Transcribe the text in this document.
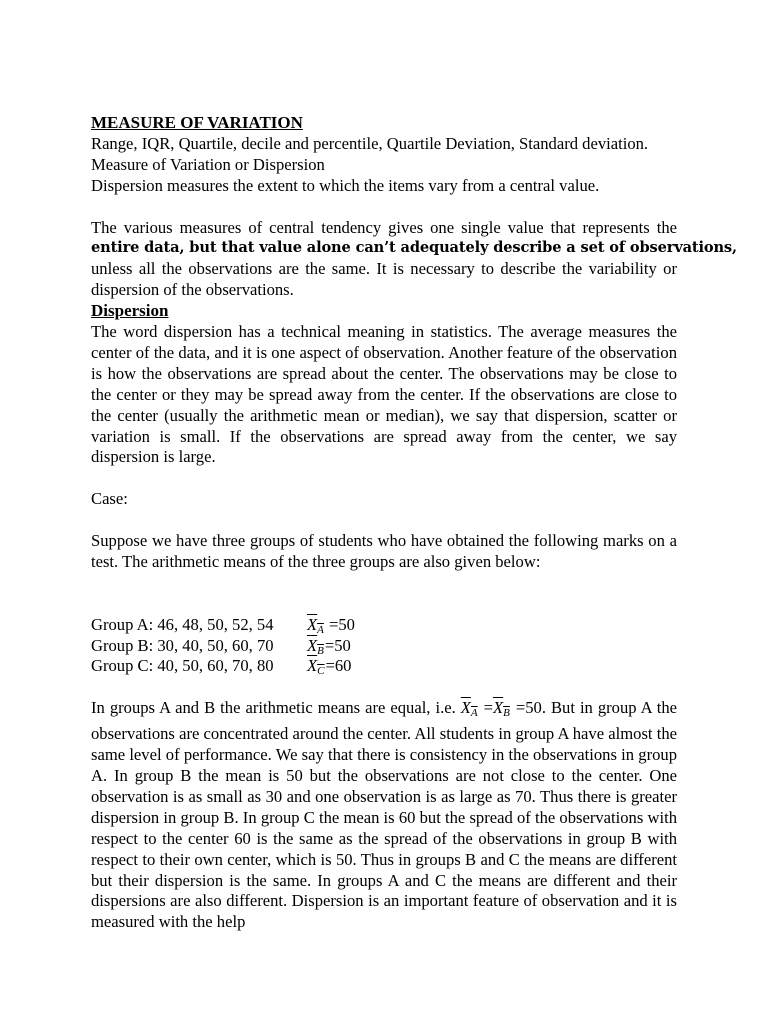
MEASURE OF VARIATION

Range, IQR, Quartile, decile and percentile, Quartile Deviation, Standard deviation.

Measure of Variation or Dispersion

Dispersion measures the extent to which the items vary from a central value.

The various measures of central tendency gives one single value that represents the

entire data, but that value alone can’t adequately describe a set of observations,

unless all the observations are the same. It is necessary to describe the variability or dispersion of the observations.

Dispersion

The word dispersion has a technical meaning in statistics. The average measures the center of the data, and it is one aspect of observation. Another feature of the observation is how the observations are spread about the center. The observations may be close to the center or they may be spread away from the center. If the observations are close to the center (usually the arithmetic mean or median), we say that dispersion, scatter or variation is small. If the observations are spread away from the center, we say dispersion is large.

Case:

Suppose we have three groups of students who have obtained the following marks on a test. The arithmetic means of the three groups are also given below:

Group A: 46, 48, 50, 52, 54 $X_A =50$
Group B: 30, 40, 50, 60, 70 $X_B=50$
Group C: 40, 50, 60, 70, 80 $X_C=60$

In groups A and B the arithmetic means are equal, i.e. $X_A =X_B =50$. But in group A the observations are concentrated around the center. All students in group A have almost the same level of performance. We say that there is consistency in the observations in group A. In group B the mean is 50 but the observations are not close to the center. One observation is as small as 30 and one observation is as large as 70. Thus there is greater dispersion in group B. In group C the mean is 60 but the spread of the observations with respect to the center 60 is the same as the spread of the observations in group B with respect to their own center, which is 50. Thus in groups B and C the means are different but their dispersion is the same. In groups A and C the means are different and their dispersions are also different. Dispersion is an important feature of observation and it is measured with the help
